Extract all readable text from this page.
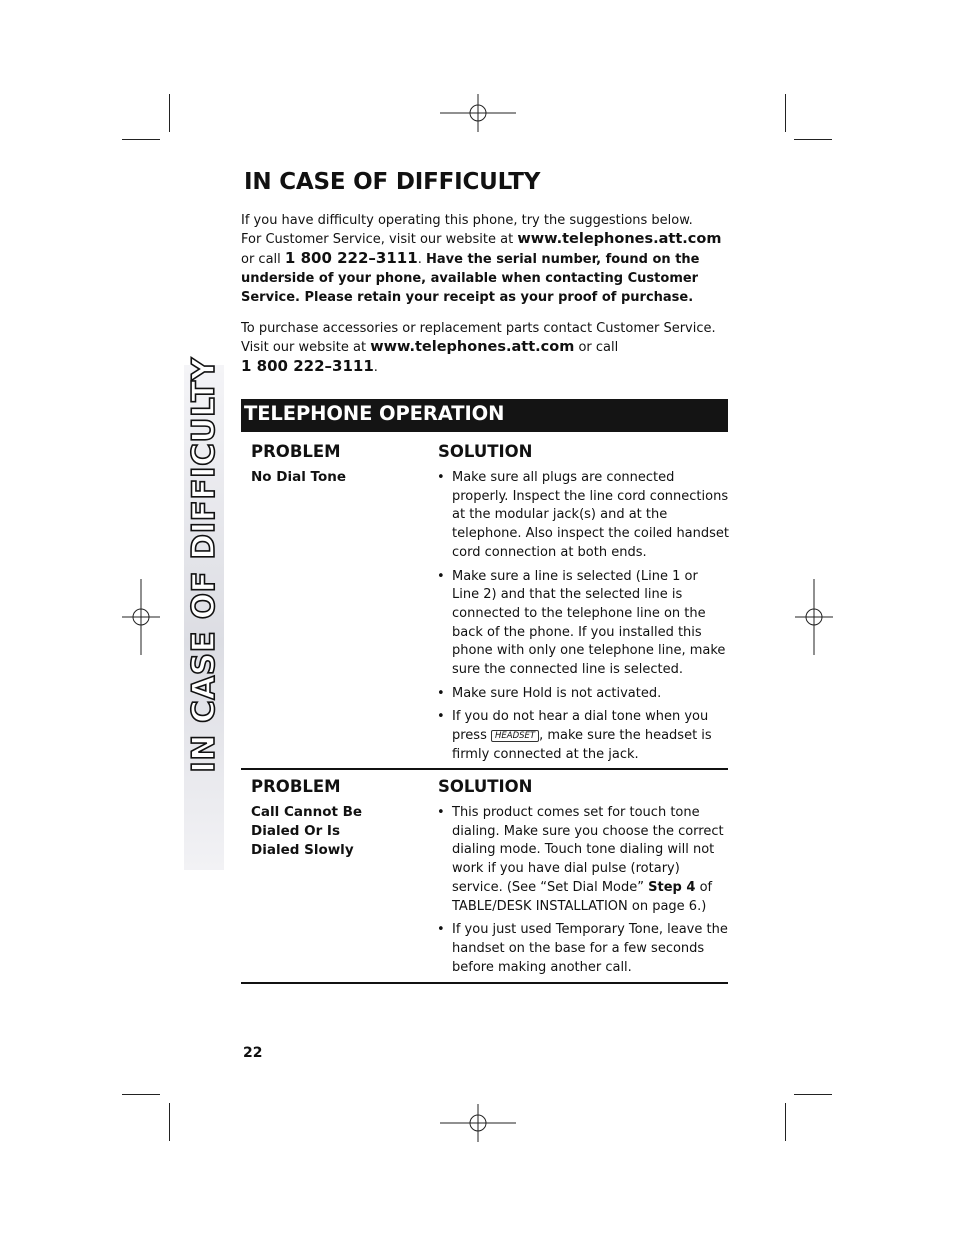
IN CASE OF DIFFICULTY
IN CASE OF DIFFICULTY
If you have difficulty operating this phone, try the suggestions below.
For Customer Service, visit our website at www.telephones.att.com
or call 1 800 222–3111. Have the serial number, found on the underside of your phone, available when contacting Customer Service. Please retain your receipt as your proof of purchase.
To purchase accessories or replacement parts contact Customer Service.
Visit our website at www.telephones.att.com or call
1 800 222–3111.
TELEPHONE OPERATION
PROBLEM	SOLUTION
No Dial Tone
•	Make sure all plugs are connected properly. Inspect the line cord connections at the modular jack(s) and at the telephone. Also inspect the coiled handset cord connection at both ends.
• Make sure a line is selected (Line 1 or Line 2) and that the selected line is connected to the telephone line on the back of the phone. If you installed this phone with only one telephone line, make sure the connected line is selected.
• Make sure Hold is not activated.
• If you do not hear a dial tone when you press HEADSET , make sure the headset is firmly connected at the jack.
PROBLEM	SOLUTION
Call Cannot Be
Dialed Or Is
Dialed Slowly
• This product comes set for touch tone dialing. Make sure you choose the correct dialing mode. Touch tone dialing will not work if you have dial pulse (rotary) service. (See “Set Dial Mode” Step 4 of TABLE/DESK INSTALLATION on page 6.)
• If you just used Temporary Tone, leave the handset on the base for a few seconds before making another call.
22
